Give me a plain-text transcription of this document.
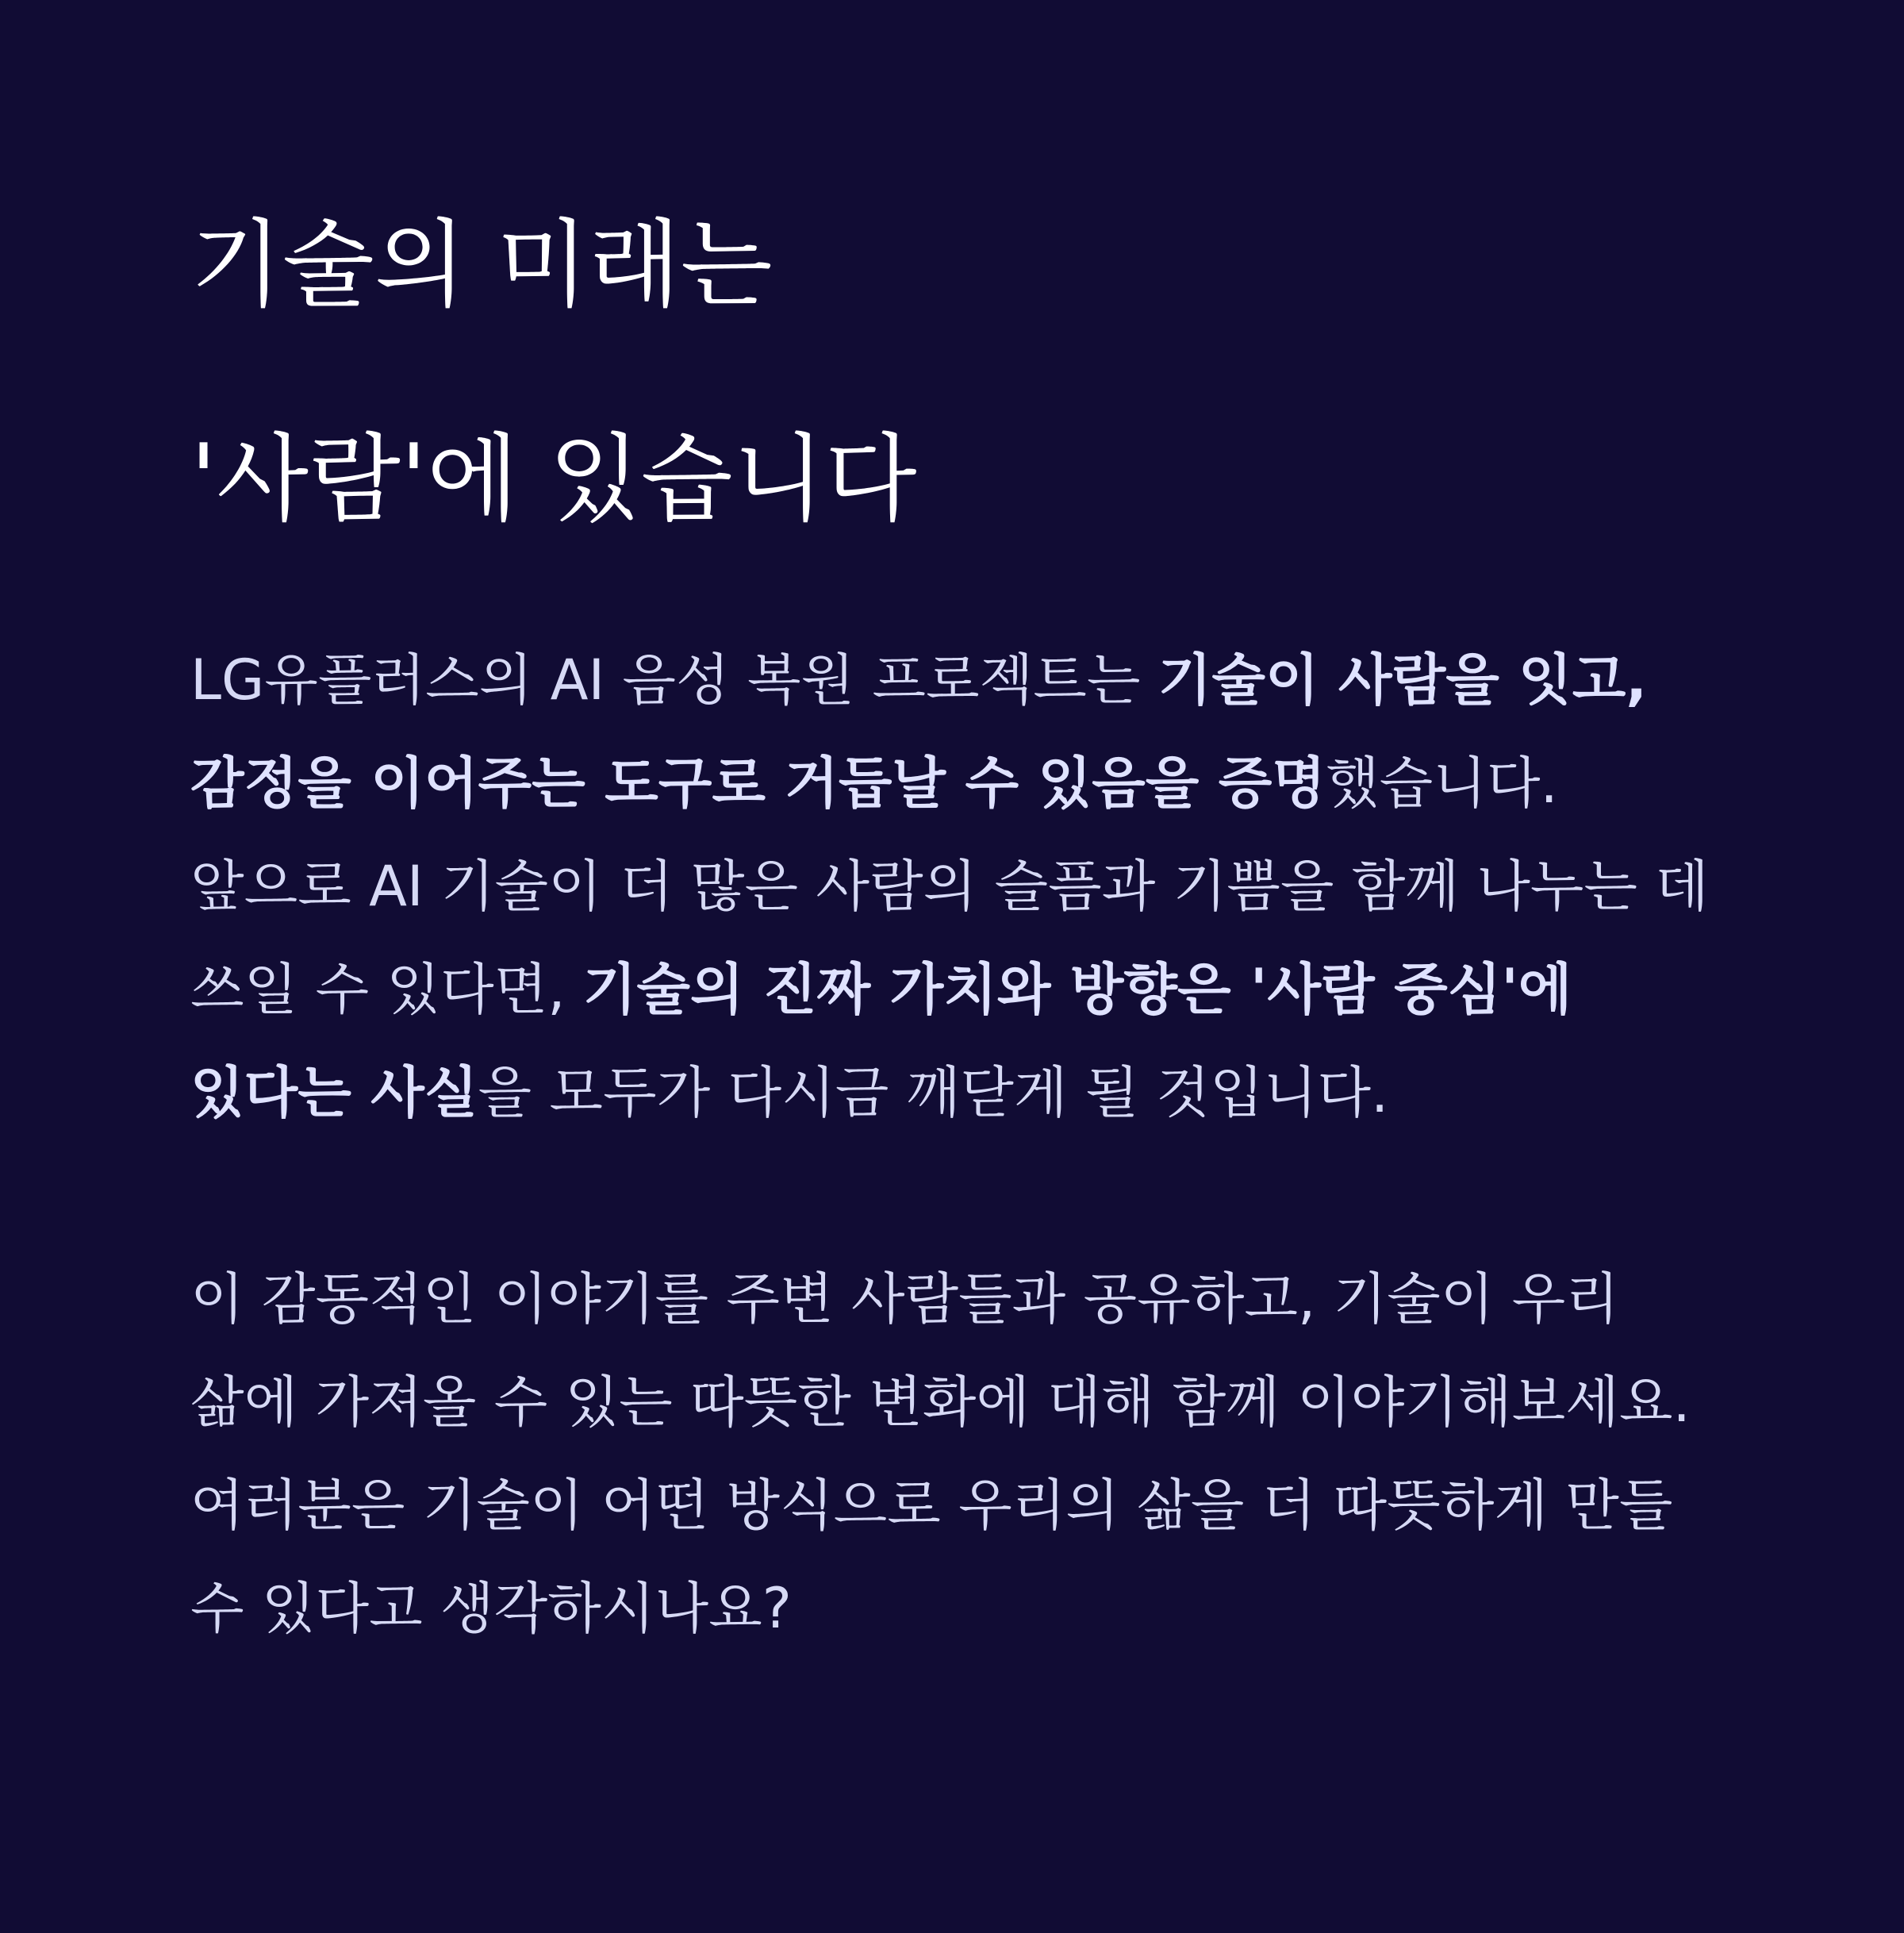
기술의 미래는
'사람'에 있습니다

LG유플러스의 AI 음성 복원 프로젝트는 기술이 사람을 잇고, 감정을 이어주는 도구로 거듭날 수 있음을 증명했습니다. 앞으로 AI 기술이 더 많은 사람의 슬픔과 기쁨을 함께 나누는 데 쓰일 수 있다면, 기술의 진짜 가치와 방향은 '사람 중심'에 있다는 사실을 모두가 다시금 깨닫게 될 것입니다.

이 감동적인 이야기를 주변 사람들과 공유하고, 기술이 우리 삶에 가져올 수 있는 따뜻한 변화에 대해 함께 이야기해보세요. 여러분은 기술이 어떤 방식으로 우리의 삶을 더 따뜻하게 만들 수 있다고 생각하시나요?
